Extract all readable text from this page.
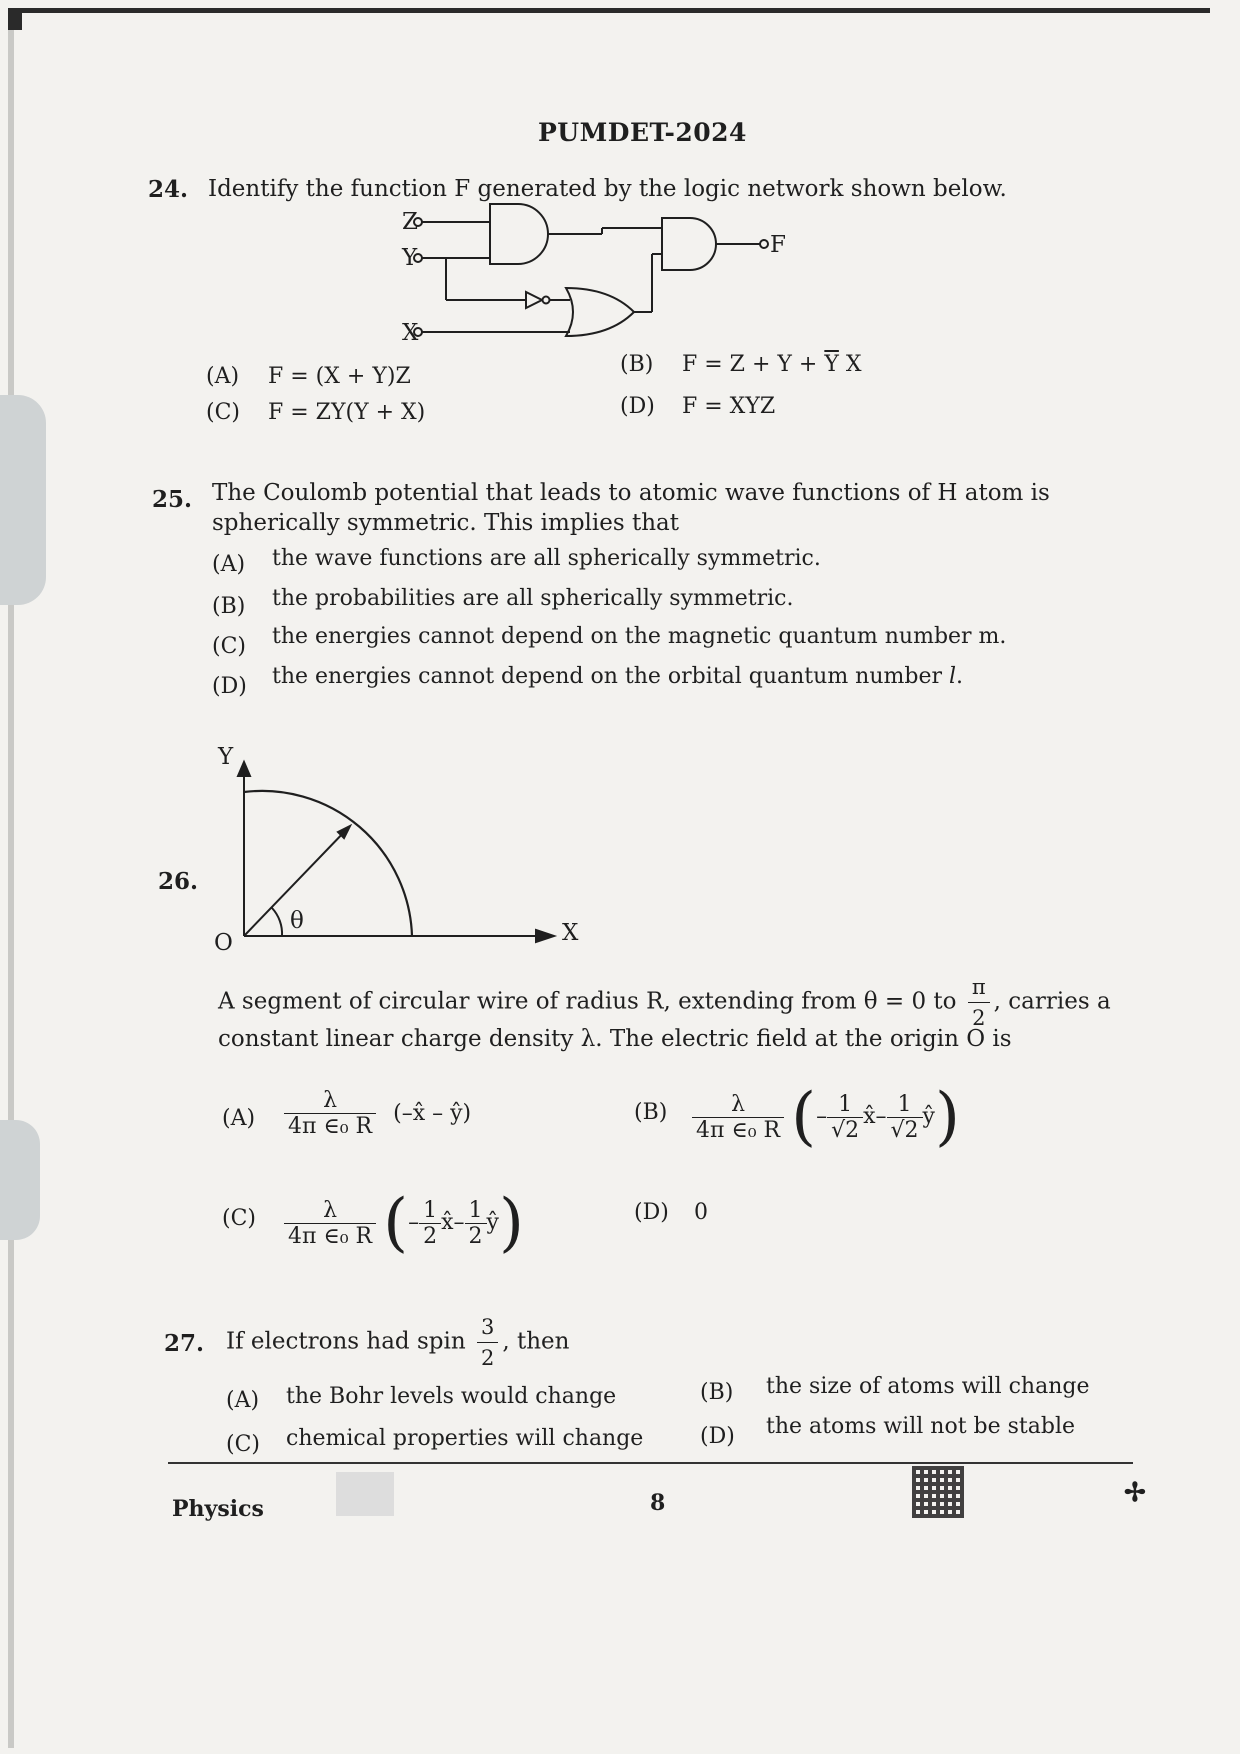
PUMDET-2024
24. Identify the function F generated by the logic network shown below.
Z
Y
X
F
(A) F = (X + Y)Z	(B) $F = Z + Y + \overline{Y}$ X
(C) F = ZY(Y + X)	(D) F = XYZ
25. The Coulomb potential that leads to atomic wave functions of H atom is
spherically symmetric. This implies that
(A) the wave functions are all spherically symmetric.
(B) the probabilities are all spherically symmetric.
(C) the energies cannot depend on the magnetic quantum number m.
(D) the energies cannot depend on the orbital quantum number l.
Y
X
O
θ
26.
A segment of circular wire of radius R, extending from θ = 0 to $\frac{\pi}{2}$ , carries a
constant linear charge density λ. The electric field at the origin O is
$(A) \frac{\lambda}{\text{4π ∈₀ R}}$ (–x̂ – ŷ)	$(B) \frac{\lambda}{\text{4π ∈₀ R}}$ (– $\frac{1}{√2}$ x̂– $\frac{1}{√2}$ ŷ)
$(C) \frac{\lambda}{\text{4π ∈₀ R}}$ (– $\frac{1}{2}$ x̂– $\frac{1}{2}$ ŷ)	(D) 0
27. If electrons had spin $\frac{3}{2}$ , then
(A) the Bohr levels would change	(B) the size of atoms will change
(C) chemical properties will change	(D) the atoms will not be stable
Physics	8	✢
